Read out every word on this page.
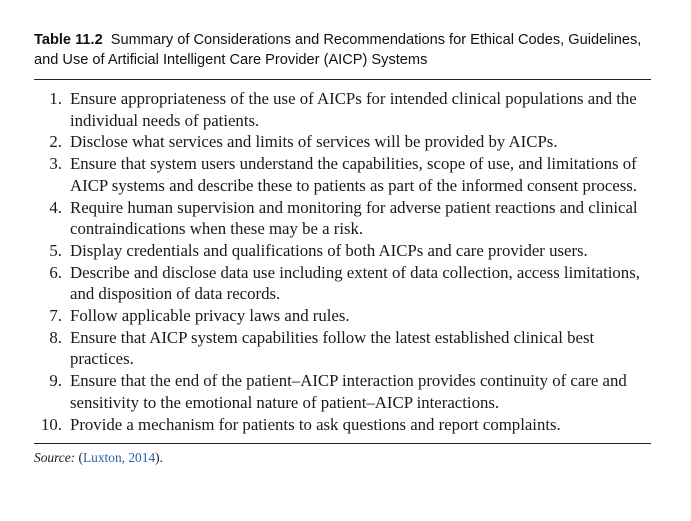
Table 11.2 Summary of Considerations and Recommendations for Ethical Codes, Guidelines, and Use of Artificial Intelligent Care Provider (AICP) Systems

1. Ensure appropriateness of the use of AICPs for intended clinical populations and the individual needs of patients.
2. Disclose what services and limits of services will be provided by AICPs.
3. Ensure that system users understand the capabilities, scope of use, and limitations of AICP systems and describe these to patients as part of the informed consent process.
4. Require human supervision and monitoring for adverse patient reactions and clinical contraindications when these may be a risk.
5. Display credentials and qualifications of both AICPs and care provider users.
6. Describe and disclose data use including extent of data collection, access limitations, and disposition of data records.
7. Follow applicable privacy laws and rules.
8. Ensure that AICP system capabilities follow the latest established clinical best practices.
9. Ensure that the end of the patient–AICP interaction provides continuity of care and sensitivity to the emotional nature of patient–AICP interactions.
10. Provide a mechanism for patients to ask questions and report complaints.
Source: (Luxton, 2014).
